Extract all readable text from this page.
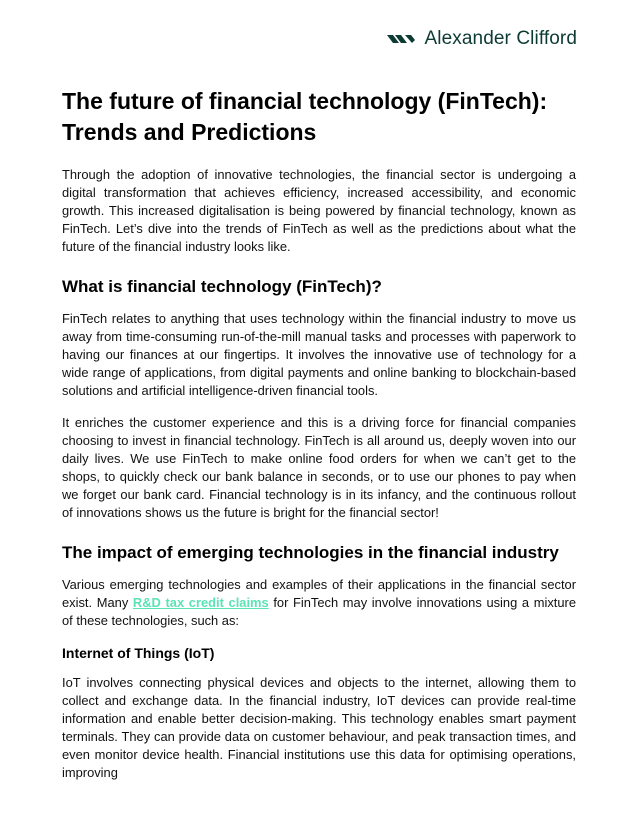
Alexander Clifford
The future of financial technology (FinTech): Trends and Predictions

Through the adoption of innovative technologies, the financial sector is undergoing a digital transformation that achieves efficiency, increased accessibility, and economic growth. This increased digitalisation is being powered by financial technology, known as FinTech. Let’s dive into the trends of FinTech as well as the predictions about what the future of the financial industry looks like.

What is financial technology (FinTech)?

FinTech relates to anything that uses technology within the financial industry to move us away from time-consuming run-of-the-mill manual tasks and processes with paperwork to having our finances at our fingertips. It involves the innovative use of technology for a wide range of applications, from digital payments and online banking to blockchain-based solutions and artificial intelligence-driven financial tools.

It enriches the customer experience and this is a driving force for financial companies choosing to invest in financial technology. FinTech is all around us, deeply woven into our daily lives. We use FinTech to make online food orders for when we can’t get to the shops, to quickly check our bank balance in seconds, or to use our phones to pay when we forget our bank card. Financial technology is in its infancy, and the continuous rollout of innovations shows us the future is bright for the financial sector!

The impact of emerging technologies in the financial industry

Various emerging technologies and examples of their applications in the financial sector exist. Many R&D tax credit claims for FinTech may involve innovations using a mixture of these technologies, such as:

Internet of Things (IoT)

IoT involves connecting physical devices and objects to the internet, allowing them to collect and exchange data. In the financial industry, IoT devices can provide real-time information and enable better decision-making. This technology enables smart payment terminals. They can provide data on customer behaviour, and peak transaction times, and even monitor device health. Financial institutions use this data for optimising operations, improving
